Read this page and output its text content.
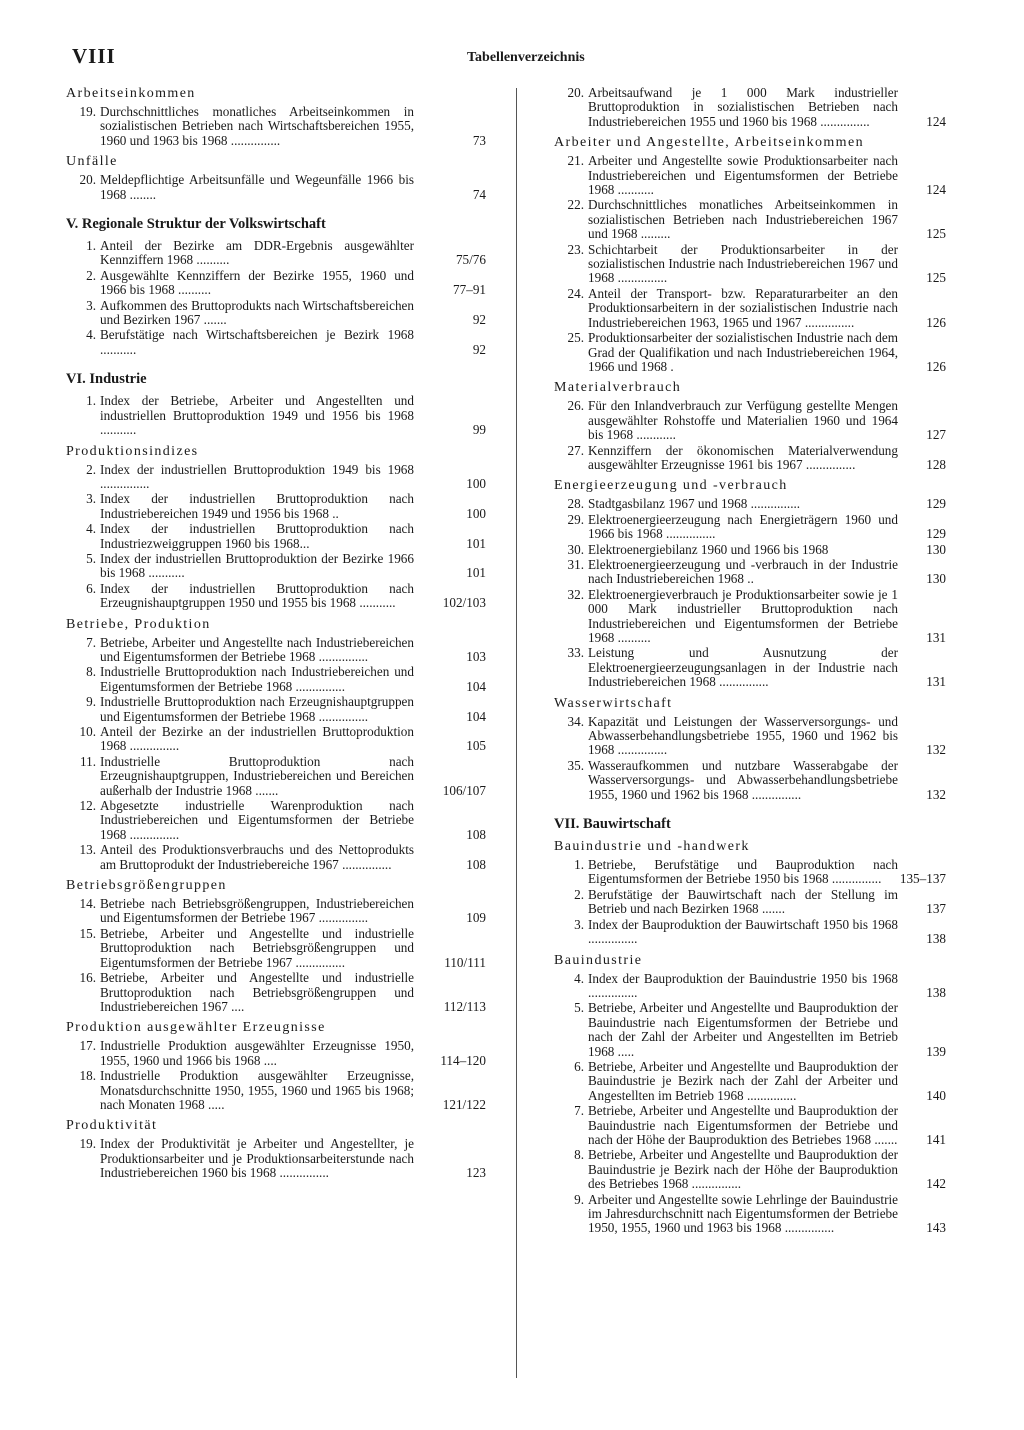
VIII	Tabellenverzeichnis
Arbeitseinkommen
19. Durchschnittliches monatliches Arbeitseinkommen in sozialistischen Betrieben nach Wirtschaftsbereichen 1955, 1960 und 1963 bis 1968 ...............	73
Unfälle
20. Meldepflichtige Arbeitsunfälle und Wegeunfälle 1966 bis 1968 ........	74
V. Regionale Struktur der Volkswirtschaft
1. Anteil der Bezirke am DDR-Ergebnis ausgewählter Kennziffern 1968 ..........	75/76
2. Ausgewählte Kennziffern der Bezirke 1955, 1960 und 1966 bis 1968 ..........	77–91
3. Aufkommen des Bruttoprodukts nach Wirtschaftsbereichen und Bezirken 1967 .......	92
4. Berufstätige nach Wirtschaftsbereichen je Bezirk 1968 ...........	92
VI. Industrie
1. Index der Betriebe, Arbeiter und Angestellten und industriellen Bruttoproduktion 1949 und 1956 bis 1968 ...........	99
Produktionsindizes
2. Index der industriellen Bruttoproduktion 1949 bis 1968 ...............	100
3. Index der industriellen Bruttoproduktion nach Industriebereichen 1949 und 1956 bis 1968 ..	100
4. Index der industriellen Bruttoproduktion nach Industriezweiggruppen 1960 bis 1968...	101
5. Index der industriellen Bruttoproduktion der Bezirke 1966 bis 1968 ...........	101
6. Index der industriellen Bruttoproduktion nach Erzeugnishauptgruppen 1950 und 1955 bis 1968 ...........	102/103
Betriebe, Produktion
7. Betriebe, Arbeiter und Angestellte nach Industriebereichen und Eigentumsformen der Betriebe 1968 ...............	103
8. Industrielle Bruttoproduktion nach Industriebereichen und Eigentumsformen der Betriebe 1968 ...............	104
9. Industrielle Bruttoproduktion nach Erzeugnishauptgruppen und Eigentumsformen der Betriebe 1968 ...............	104
10. Anteil der Bezirke an der industriellen Bruttoproduktion 1968 ...............	105
11. Industrielle Bruttoproduktion nach Erzeugnishauptgruppen, Industriebereichen und Bereichen außerhalb der Industrie 1968 .......	106/107
12. Abgesetzte industrielle Warenproduktion nach Industriebereichen und Eigentumsformen der Betriebe 1968 ...............	108
13. Anteil des Produktionsverbrauchs und des Nettoprodukts am Bruttoprodukt der Industriebereiche 1967 ...............	108
Betriebsgrößengruppen
14. Betriebe nach Betriebsgrößengruppen, Industriebereichen und Eigentumsformen der Betriebe 1967 ...............	109
15. Betriebe, Arbeiter und Angestellte und industrielle Bruttoproduktion nach Betriebsgrößengruppen und Eigentumsformen der Betriebe 1967 ...............	110/111
16. Betriebe, Arbeiter und Angestellte und industrielle Bruttoproduktion nach Betriebsgrößengruppen und Industriebereichen 1967 ....	112/113
Produktion ausgewählter Erzeugnisse
17. Industrielle Produktion ausgewählter Erzeugnisse 1950, 1955, 1960 und 1966 bis 1968 ....	114–120
18. Industrielle Produktion ausgewählter Erzeugnisse, Monatsdurchschnitte 1950, 1955, 1960 und 1965 bis 1968; nach Monaten 1968 .....	121/122
Produktivität
19. Index der Produktivität je Arbeiter und Angestellter, je Produktionsarbeiter und je Produktionsarbeiterstunde nach Industriebereichen 1960 bis 1968 ...............	123
20. Arbeitsaufwand je 1 000 Mark industrieller Bruttoproduktion in sozialistischen Betrieben nach Industriebereichen 1955 und 1960 bis 1968 ...............	124
Arbeiter und Angestellte, Arbeitseinkommen
21. Arbeiter und Angestellte sowie Produktionsarbeiter nach Industriebereichen und Eigentumsformen der Betriebe 1968 ...........	124
22. Durchschnittliches monatliches Arbeitseinkommen in sozialistischen Betrieben nach Industriebereichen 1967 und 1968 .........	125
23. Schichtarbeit der Produktionsarbeiter in der sozialistischen Industrie nach Industriebereichen 1967 und 1968 ...............	125
24. Anteil der Transport- bzw. Reparaturarbeiter an den Produktionsarbeitern in der sozialistischen Industrie nach Industriebereichen 1963, 1965 und 1967 ...............	126
25. Produktionsarbeiter der sozialistischen Industrie nach dem Grad der Qualifikation und nach Industriebereichen 1964, 1966 und 1968 .	126
Materialverbrauch
26. Für den Inlandverbrauch zur Verfügung gestellte Mengen ausgewählter Rohstoffe und Materialien 1960 und 1964 bis 1968 ............	127
27. Kennziffern der ökonomischen Materialverwendung ausgewählter Erzeugnisse 1961 bis 1967 ...............	128
Energieerzeugung und -verbrauch
28. Stadtgasbilanz 1967 und 1968 ...............	129
29. Elektroenergieerzeugung nach Energieträgern 1960 und 1966 bis 1968 ...............	129
30. Elektroenergiebilanz 1960 und 1966 bis 1968	130
31. Elektroenergieerzeugung und -verbrauch in der Industrie nach Industriebereichen 1968 ..	130
32. Elektroenergieverbrauch je Produktionsarbeiter sowie je 1 000 Mark industrieller Bruttoproduktion nach Industriebereichen und Eigentumsformen der Betriebe 1968 ..........	131
33. Leistung und Ausnutzung der Elektroenergieerzeugungsanlagen in der Industrie nach Industriebereichen 1968 ...............	131
Wasserwirtschaft
34. Kapazität und Leistungen der Wasserversorgungs- und Abwasserbehandlungsbetriebe 1955, 1960 und 1962 bis 1968 ...............	132
35. Wasseraufkommen und nutzbare Wasserabgabe der Wasserversorgungs- und Abwasserbehandlungsbetriebe 1955, 1960 und 1962 bis 1968 ...............	132
VII. Bauwirtschaft
Bauindustrie und -handwerk
1. Betriebe, Berufstätige und Bauproduktion nach Eigentumsformen der Betriebe 1950 bis 1968 ...............	135–137
2. Berufstätige der Bauwirtschaft nach der Stellung im Betrieb und nach Bezirken 1968 .......	137
3. Index der Bauproduktion der Bauwirtschaft 1950 bis 1968 ...............	138
Bauindustrie
4. Index der Bauproduktion der Bauindustrie 1950 bis 1968 ...............	138
5. Betriebe, Arbeiter und Angestellte und Bauproduktion der Bauindustrie nach Eigentumsformen der Betriebe und nach der Zahl der Arbeiter und Angestellten im Betrieb 1968 .....	139
6. Betriebe, Arbeiter und Angestellte und Bauproduktion der Bauindustrie je Bezirk nach der Zahl der Arbeiter und Angestellten im Betrieb 1968 ...............	140
7. Betriebe, Arbeiter und Angestellte und Bauproduktion der Bauindustrie nach Eigentumsformen der Betriebe und nach der Höhe der Bauproduktion des Betriebes 1968 .......	141
8. Betriebe, Arbeiter und Angestellte und Bauproduktion der Bauindustrie je Bezirk nach der Höhe der Bauproduktion des Betriebes 1968 ...............	142
9. Arbeiter und Angestellte sowie Lehrlinge der Bauindustrie im Jahresdurchschnitt nach Eigentumsformen der Betriebe 1950, 1955, 1960 und 1963 bis 1968 ...............	143
